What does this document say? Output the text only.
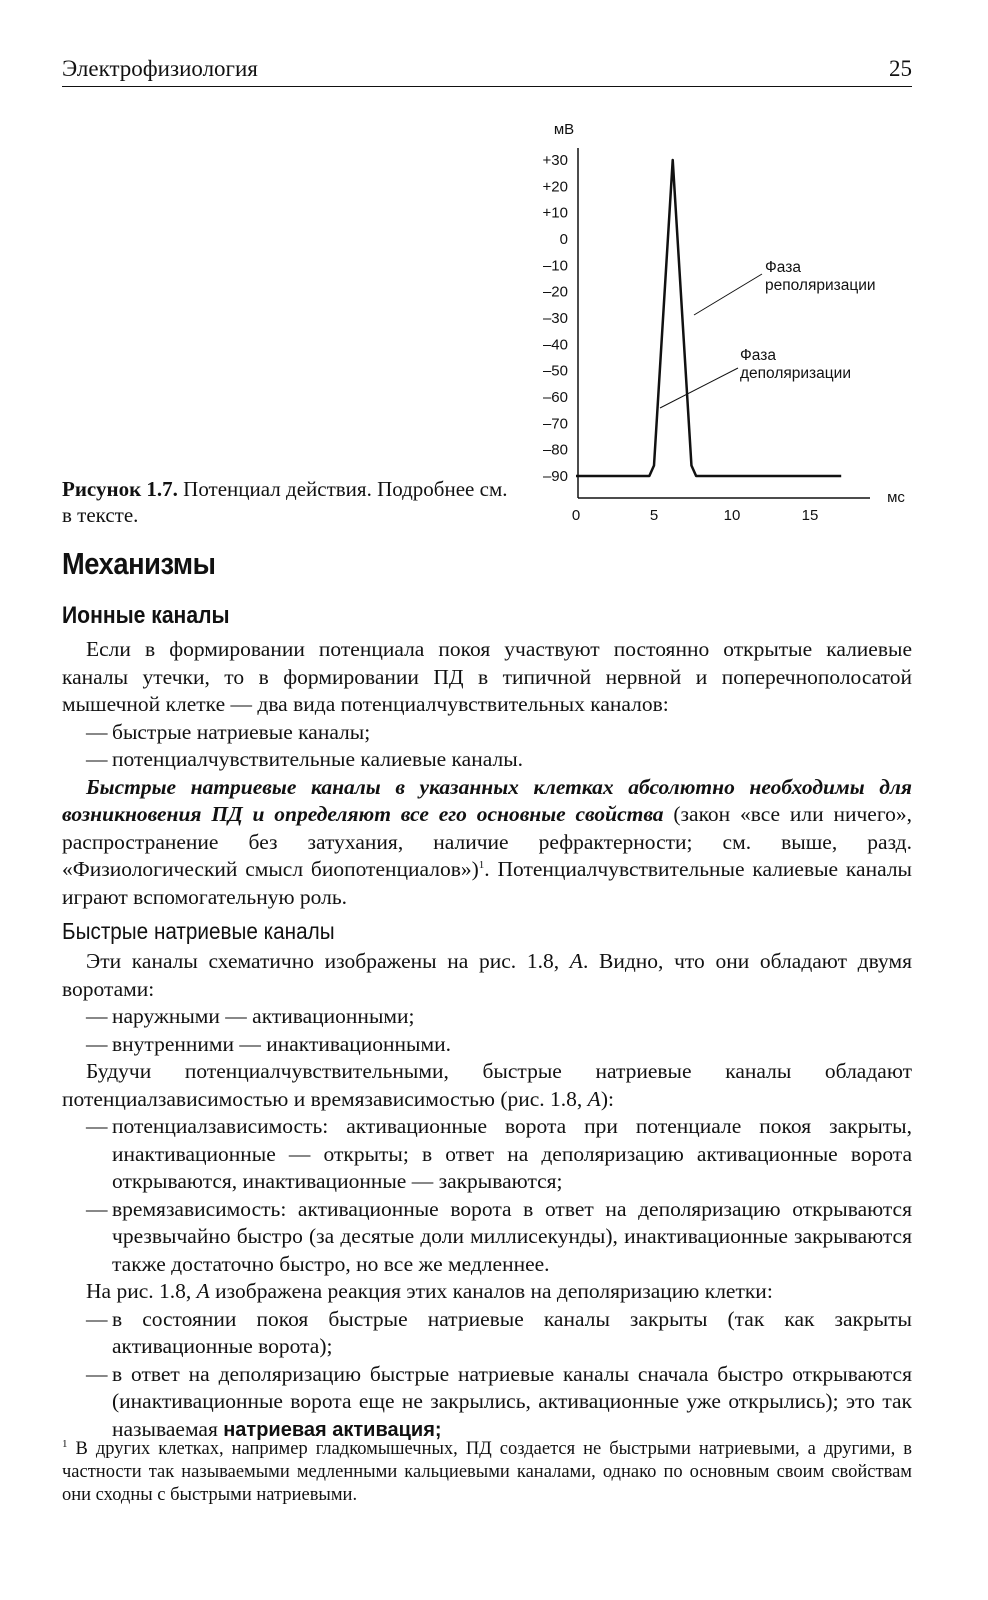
Электрофизиология	25
мВ
мс
+30
+20
+10
0
–10
–20
–30
–40
–50
–60
–70
–80
–90
0	5	10	15
Фаза
реполяризации
Фаза
деполяризации
Рисунок 1.7. Потенциал действия. Подробнее см. в тексте.
Механизмы
Ионные каналы

Если в формировании потенциала покоя участвуют постоянно открытые калиевые каналы утечки, то в формировании ПД в типичной нервной и поперечнополосатой мышечной клетке — два вида потенциалчувствительных каналов:

— быстрые натриевые каналы;

— потенциалчувствительные калиевые каналы.

Быстрые натриевые каналы в указанных клетках абсолютно необходимы для возникновения ПД и определяют все его основные свойства (закон «все или ничего», распространение без затухания, наличие рефрактерности; см. выше, разд. «Физиологический смысл биопотенциалов»)$^1$. Потенциалчувствительные калиевые каналы играют вспомогательную роль.

Быстрые натриевые каналы

Эти каналы схематично изображены на рис. 1.8, А. Видно, что они обладают двумя воротами:

— наружными — активационными;

— внутренними — инактивационными.

Будучи потенциалчувствительными, быстрые натриевые каналы обладают потенциалзависимостью и времязависимостью (рис. 1.8, А):

— потенциалзависимость: активационные ворота при потенциале покоя закрыты, инактивационные — открыты; в ответ на деполяризацию активационные ворота открываются, инактивационные — закрываются;

— времязависимость: активационные ворота в ответ на деполяризацию открываются чрезвычайно быстро (за десятые доли миллисекунды), инактивационные закрываются также достаточно быстро, но все же медленнее.

На рис. 1.8, А изображена реакция этих каналов на деполяризацию клетки:

— в состоянии покоя быстрые натриевые каналы закрыты (так как закрыты активационные ворота);

— в ответ на деполяризацию быстрые натриевые каналы сначала быстро открываются (инактивационные ворота еще не закрылись, активационные уже открылись); это так называемая натриевая активация;

$^1$ В других клетках, например гладкомышечных, ПД создается не быстрыми натриевыми, а другими, в частности так называемыми медленными кальциевыми каналами, однако по основным своим свойствам они сходны с быстрыми натриевыми.
